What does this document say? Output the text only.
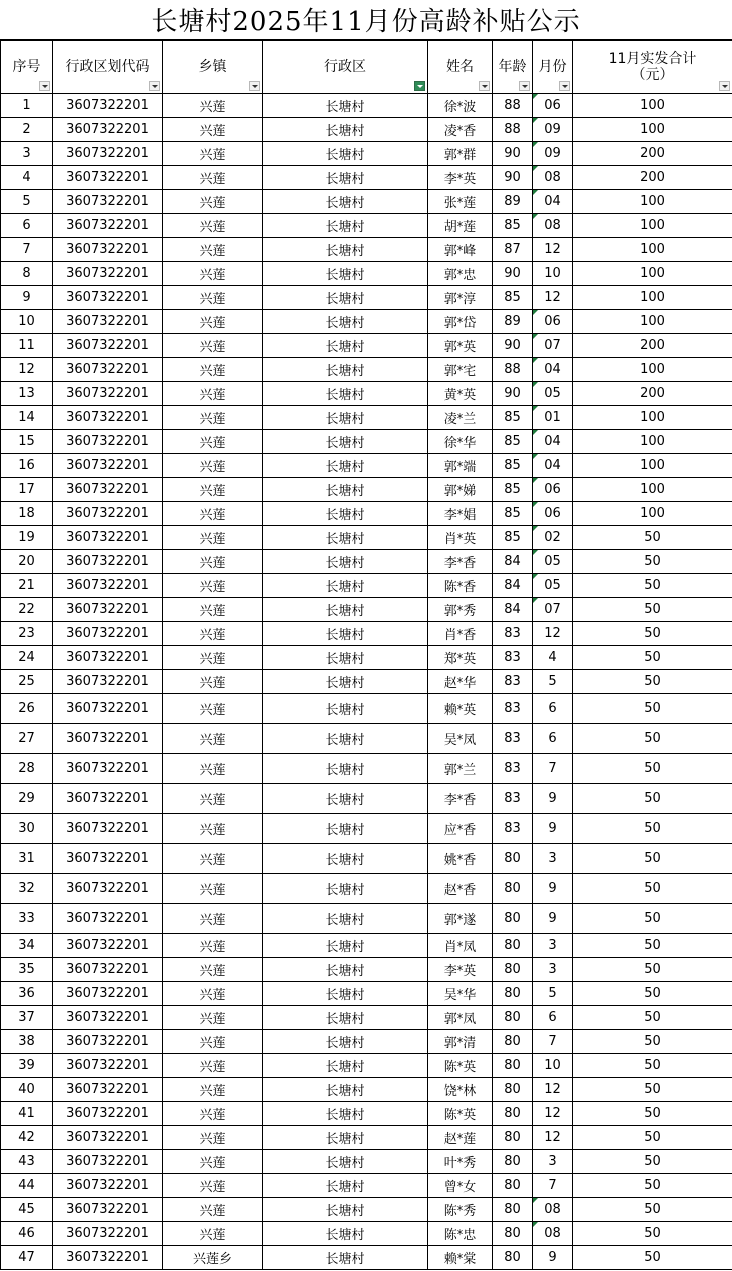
长塘村2025年11月份高龄补贴公示
序号	行政区划代码	乡镇	行政区	姓名	年龄	月份	11月实发合计
（元）

1	3607322201	兴莲	长塘村	徐*波	88	06	100
2	3607322201	兴莲	长塘村	凌*香	88	09	100
3	3607322201	兴莲	长塘村	郭*群	90	09	200
4	3607322201	兴莲	长塘村	李*英	90	08	200
5	3607322201	兴莲	长塘村	张*莲	89	04	100
6	3607322201	兴莲	长塘村	胡*莲	85	08	100
7	3607322201	兴莲	长塘村	郭*峰	87	12	100
8	3607322201	兴莲	长塘村	郭*忠	90	10	100
9	3607322201	兴莲	长塘村	郭*淳	85	12	100
10	3607322201	兴莲	长塘村	郭*岱	89	06	100
11	3607322201	兴莲	长塘村	郭*英	90	07	200
12	3607322201	兴莲	长塘村	郭*宅	88	04	100
13	3607322201	兴莲	长塘村	黄*英	90	05	200
14	3607322201	兴莲	长塘村	凌*兰	85	01	100
15	3607322201	兴莲	长塘村	徐*华	85	04	100
16	3607322201	兴莲	长塘村	郭*端	85	04	100
17	3607322201	兴莲	长塘村	郭*娣	85	06	100
18	3607322201	兴莲	长塘村	李*娼	85	06	100
19	3607322201	兴莲	长塘村	肖*英	85	02	50
20	3607322201	兴莲	长塘村	李*香	84	05	50
21	3607322201	兴莲	长塘村	陈*香	84	05	50
22	3607322201	兴莲	长塘村	郭*秀	84	07	50
23	3607322201	兴莲	长塘村	肖*香	83	12	50
24	3607322201	兴莲	长塘村	郑*英	83	4	50
25	3607322201	兴莲	长塘村	赵*华	83	5	50
26	3607322201	兴莲	长塘村	赖*英	83	6	50
27	3607322201	兴莲	长塘村	吴*凤	83	6	50
28	3607322201	兴莲	长塘村	郭*兰	83	7	50
29	3607322201	兴莲	长塘村	李*香	83	9	50
30	3607322201	兴莲	长塘村	应*香	83	9	50
31	3607322201	兴莲	长塘村	姚*香	80	3	50
32	3607322201	兴莲	长塘村	赵*香	80	9	50
33	3607322201	兴莲	长塘村	郭*遂	80	9	50
34	3607322201	兴莲	长塘村	肖*凤	80	3	50
35	3607322201	兴莲	长塘村	李*英	80	3	50
36	3607322201	兴莲	长塘村	吴*华	80	5	50
37	3607322201	兴莲	长塘村	郭*凤	80	6	50
38	3607322201	兴莲	长塘村	郭*清	80	7	50
39	3607322201	兴莲	长塘村	陈*英	80	10	50
40	3607322201	兴莲	长塘村	饶*林	80	12	50
41	3607322201	兴莲	长塘村	陈*英	80	12	50
42	3607322201	兴莲	长塘村	赵*莲	80	12	50
43	3607322201	兴莲	长塘村	叶*秀	80	3	50
44	3607322201	兴莲	长塘村	曾*女	80	7	50
45	3607322201	兴莲	长塘村	陈*秀	80	08	50
46	3607322201	兴莲	长塘村	陈*忠	80	08	50
47	3607322201	兴莲乡	长塘村	赖*棠	80	9	50
